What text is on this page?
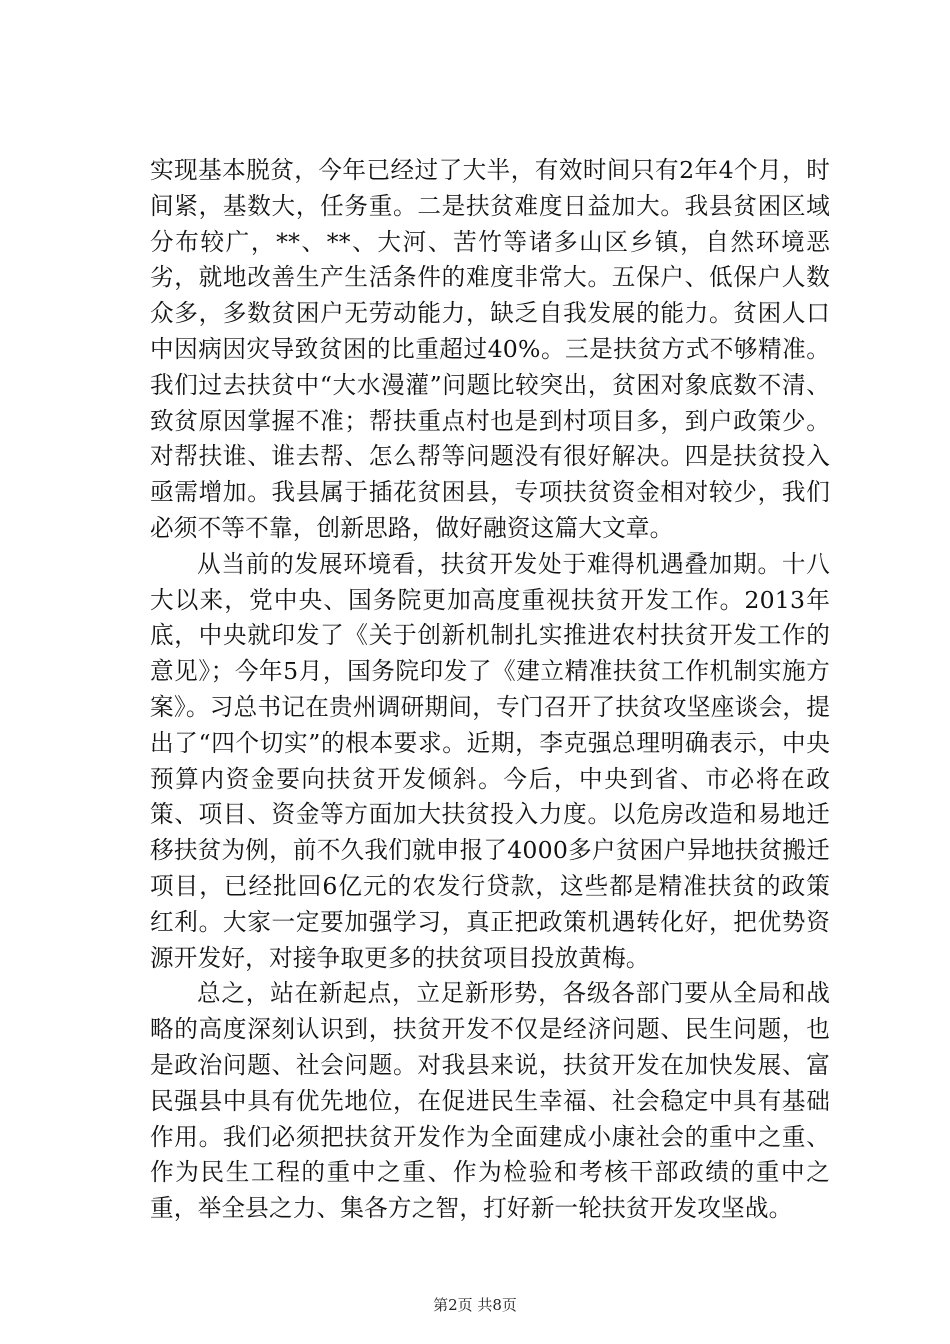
实现基本脱贫，今年已经过了大半，有效时间只有2年4个月，时间紧，基数大，任务重。二是扶贫难度日益加大。我县贫困区域分布较广，**、**、大河、苦竹等诸多山区乡镇，自然环境恶劣，就地改善生产生活条件的难度非常大。五保户、低保户人数众多，多数贫困户无劳动能力，缺乏自我发展的能力。贫困人口中因病因灾导致贫困的比重超过40%。三是扶贫方式不够精准。我们过去扶贫中“大水漫灌”问题比较突出，贫困对象底数不清、致贫原因掌握不准；帮扶重点村也是到村项目多，到户政策少。对帮扶谁、谁去帮、怎么帮等问题没有很好解决。四是扶贫投入亟需增加。我县属于插花贫困县，专项扶贫资金相对较少，我们必须不等不靠，创新思路，做好融资这篇大文章。

从当前的发展环境看，扶贫开发处于难得机遇叠加期。十八大以来，党中央、国务院更加高度重视扶贫开发工作。2013年底，中央就印发了《关于创新机制扎实推进农村扶贫开发工作的意见》；今年5月，国务院印发了《建立精准扶贫工作机制实施方案》。习总书记在贵州调研期间，专门召开了扶贫攻坚座谈会，提出了“四个切实”的根本要求。近期，李克强总理明确表示，中央预算内资金要向扶贫开发倾斜。今后，中央到省、市必将在政策、项目、资金等方面加大扶贫投入力度。以危房改造和易地迁移扶贫为例，前不久我们就申报了4000多户贫困户异地扶贫搬迁项目，已经批回6亿元的农发行贷款，这些都是精准扶贫的政策红利。大家一定要加强学习，真正把政策机遇转化好，把优势资源开发好，对接争取更多的扶贫项目投放黄梅。

总之，站在新起点，立足新形势，各级各部门要从全局和战略的高度深刻认识到，扶贫开发不仅是经济问题、民生问题，也是政治问题、社会问题。对我县来说，扶贫开发在加快发展、富民强县中具有优先地位，在促进民生幸福、社会稳定中具有基础作用。我们必须把扶贫开发作为全面建成小康社会的重中之重、作为民生工程的重中之重、作为检验和考核干部政绩的重中之重，举全县之力、集各方之智，打好新一轮扶贫开发攻坚战。

第2页 共8页
